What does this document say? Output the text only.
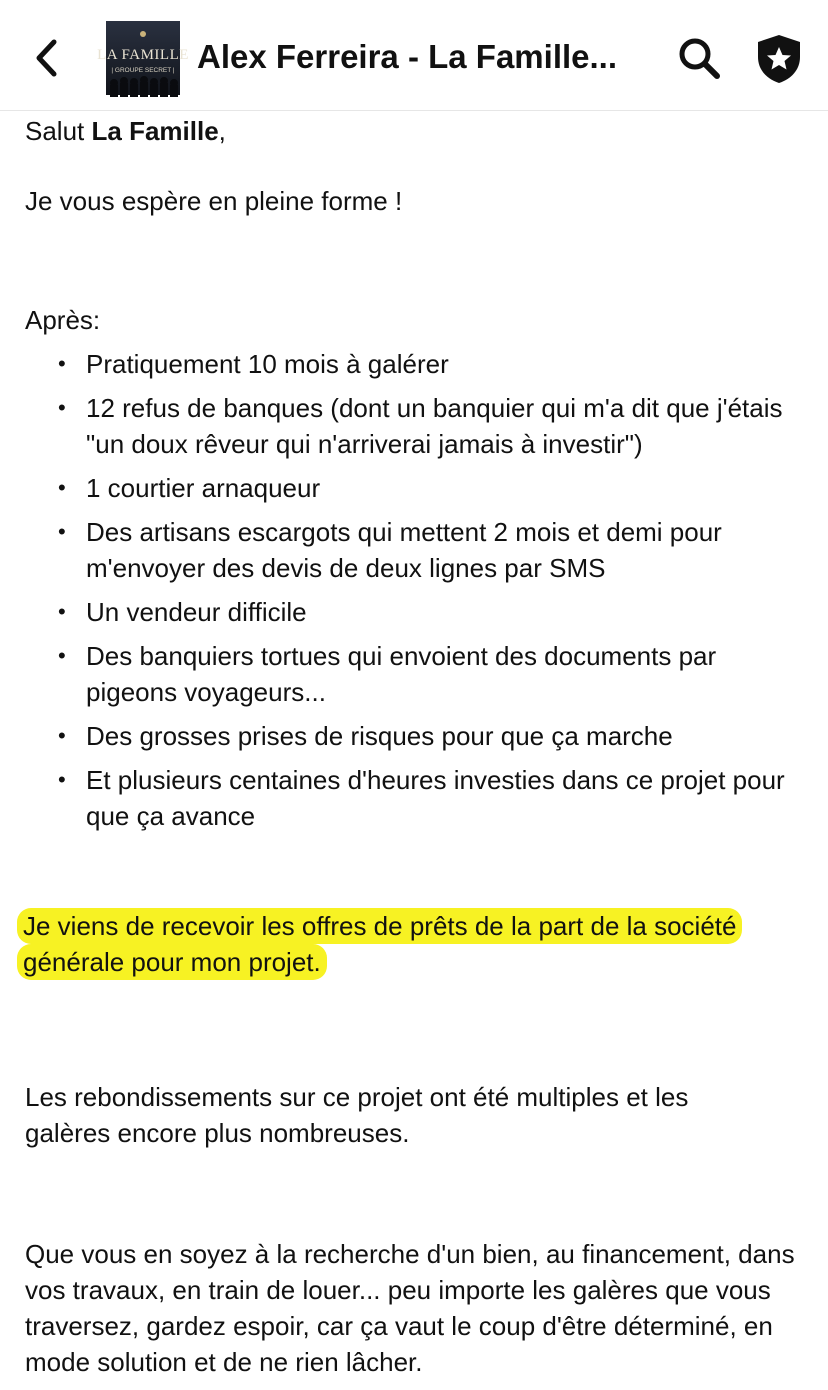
LA FAMILLE
| GROUPE SECRET | Alex Ferreira - La Famille...

Salut La Famille,

Je vous espère en pleine forme !

Après:

• Pratiquement 10 mois à galérer
• 12 refus de banques (dont un banquier qui m'a dit que j'étais "un doux rêveur qui n'arriverai jamais à investir")
• 1 courtier arnaqueur
• Des artisans escargots qui mettent 2 mois et demi pour m'envoyer des devis de deux lignes par SMS
• Un vendeur difficile
• Des banquiers tortues qui envoient des documents par pigeons voyageurs...
• Des grosses prises de risques pour que ça marche
• Et plusieurs centaines d'heures investies dans ce projet pour que ça avance

Je viens de recevoir les offres de prêts de la part de la société générale pour mon projet.

Les rebondissements sur ce projet ont été multiples et les galères encore plus nombreuses.

Que vous en soyez à la recherche d'un bien, au financement, dans vos travaux, en train de louer... peu importe les galères que vous traversez, gardez espoir, car ça vaut le coup d'être déterminé, en mode solution et de ne rien lâcher.
